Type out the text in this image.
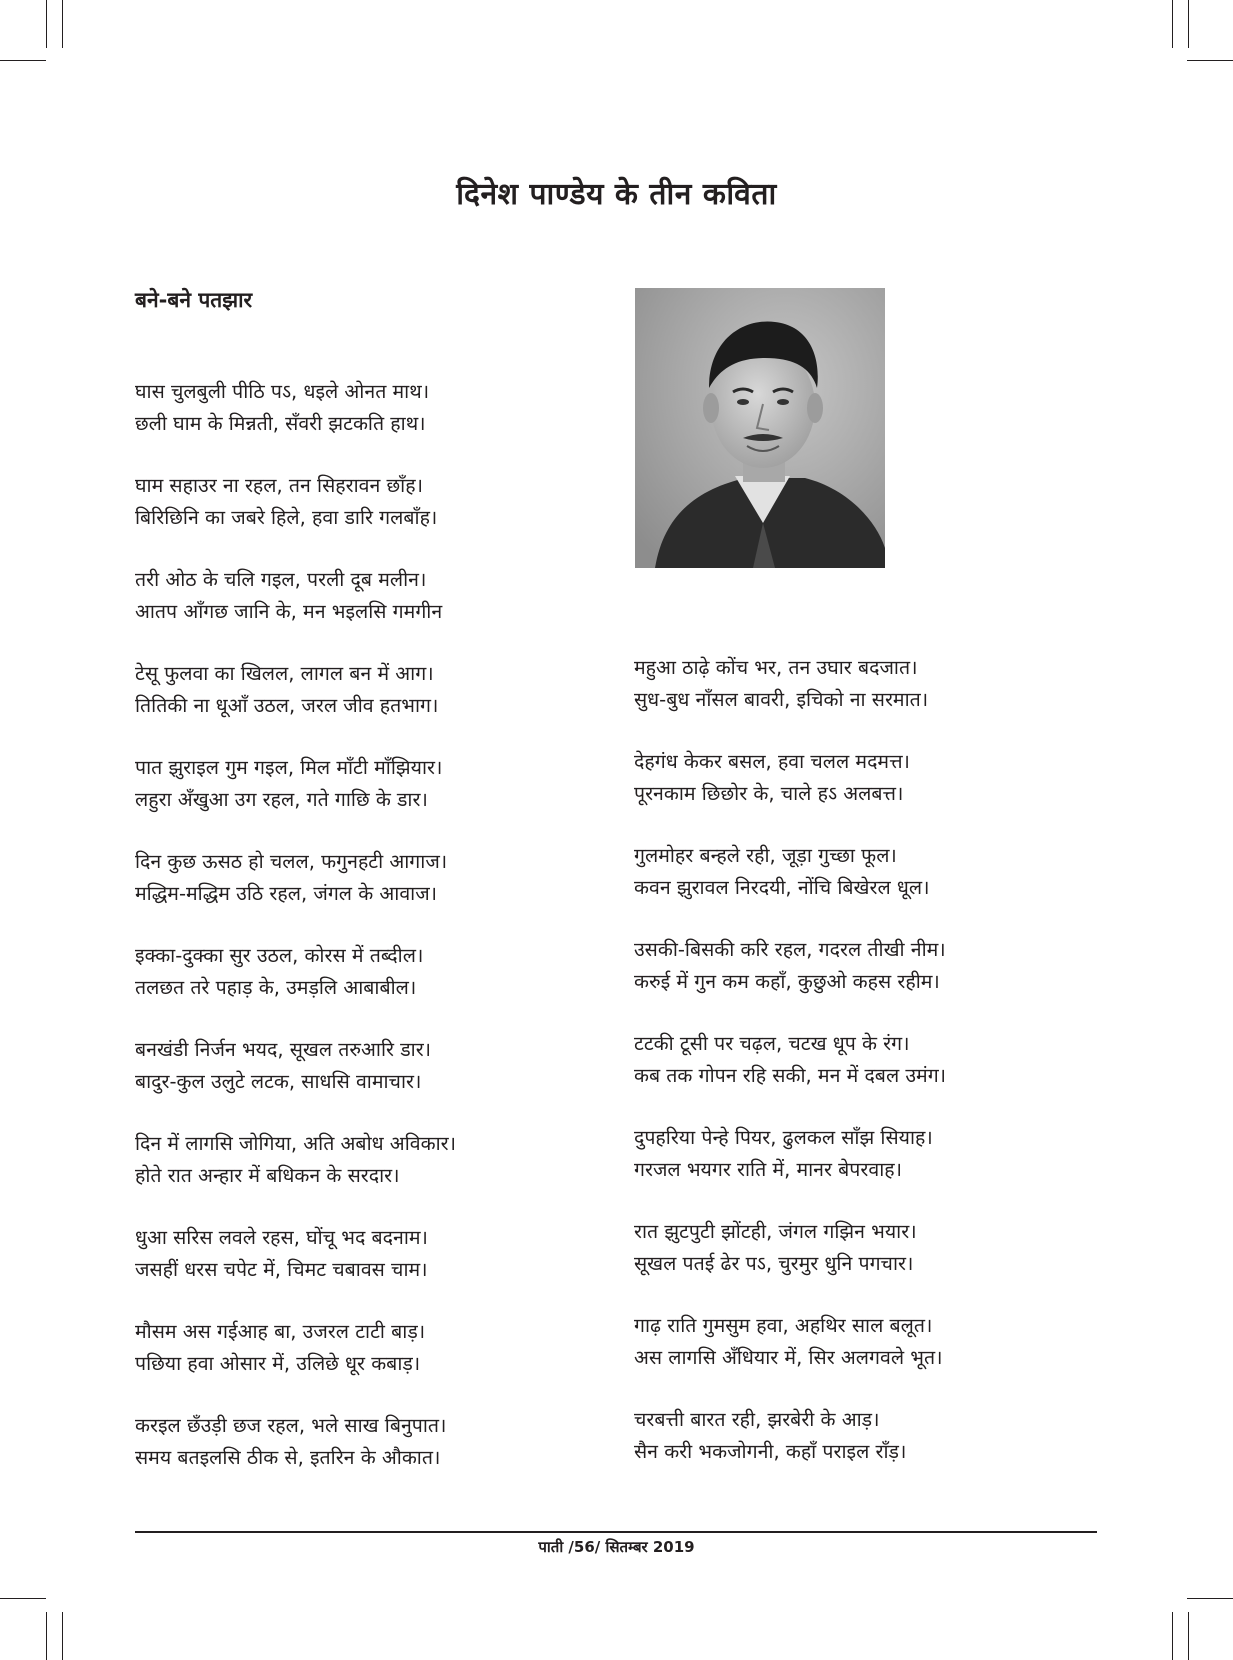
दिनेश पाण्डेय के तीन कविता
बने-बने पतझार
घास चुलबुली पीठि पऽ, धइले ओनत माथ।
छली घाम के मिन्नती, सँवरी झटकति हाथ।
घाम सहाउर ना रहल, तन सिहरावन छाँह।
बिरिछिनि का जबरे हिले, हवा डारि गलबाँह।
तरी ओठ के चलि गइल, परली दूब मलीन।
आतप आँगछ जानि के, मन भइलसि गमगीन
टेसू फुलवा का खिलल, लागल बन में आग।
तितिकी ना धूआँ उठल, जरल जीव हतभाग।
पात झुराइल गुम गइल, मिल माँटी माँझियार।
लहुरा अँखुआ उग रहल, गते गाछि के डार।
दिन कुछ ऊसठ हो चलल, फगुनहटी आगाज।
मद्धिम-मद्धिम उठि रहल, जंगल के आवाज।
इक्का-दुक्का सुर उठल, कोरस में तब्दील।
तलछत तरे पहाड़ के, उमड़लि आबाबील।
बनखंडी निर्जन भयद, सूखल तरुआरि डार।
बादुर-कुल उलुटे लटक, साधसि वामाचार।
दिन में लागसि जोगिया, अति अबोध अविकार।
होते रात अन्हार में बधिकन के सरदार।
धुआ सरिस लवले रहस, घोंचू भद बदनाम।
जसहीं धरस चपेट में, चिमट चबावस चाम।
मौसम अस गईआह बा, उजरल टाटी बाड़।
पछिया हवा ओसार में, उलिछे धूर कबाड़।
करइल छँउड़ी छज रहल, भले साख बिनुपात।
समय बतइलसि ठीक से, इतरिन के औकात।
महुआ ठाढ़े कोंच भर, तन उघार बदजात।
सुध-बुध नाँसल बावरी, इचिको ना सरमात।
देहगंध केकर बसल, हवा चलल मदमत्त।
पूरनकाम छिछोर के, चाले हऽ अलबत्त।
गुलमोहर बन्हले रही, जूड़ा गुच्छा फूल।
कवन झुरावल निरदयी, नोंचि बिखेरल धूल।
उसकी-बिसकी करि रहल, गदरल तीखी नीम।
करुई में गुन कम कहाँ, कुछुओ कहस रहीम।
टटकी टूसी पर चढ़ल, चटख धूप के रंग।
कब तक गोपन रहि सकी, मन में दबल उमंग।
दुपहरिया पेन्हे पियर, ढुलकल साँझ सियाह।
गरजल भयगर राति में, मानर बेपरवाह।
रात झुटपुटी झोंटही, जंगल गझिन भयार।
सूखल पतई ढेर पऽ, चुरमुर धुनि पगचार।
गाढ़ राति गुमसुम हवा, अहथिर साल बलूत।
अस लागसि अँधियार में, सिर अलगवले भूत।
चरबत्ती बारत रही, झरबेरी के आड़।
सैन करी भकजोगनी, कहाँ पराइल राँड़।
पाती /56/ सितम्बर 2019
